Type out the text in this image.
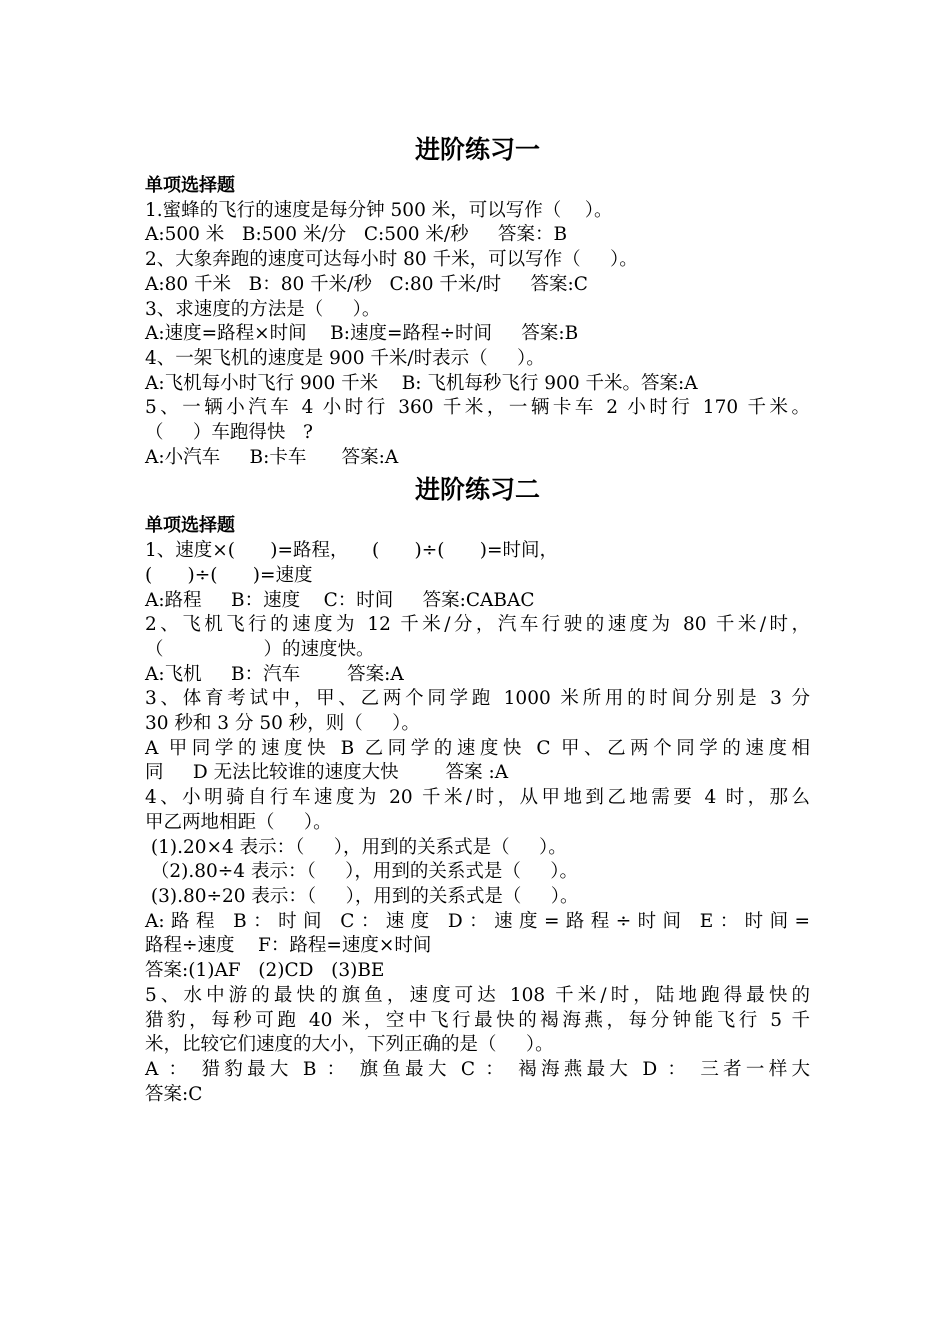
进阶练习一
单项选择题

1.蜜蜂的飞行的速度是每分钟 500 米，可以写作（    ）。

A:500 米   B:500 米/分   C:500 米/秒     答案：B

2、大象奔跑的速度可达每小时 80 千米，可以写作（     ）。

A:80 千米   B：80 千米/秒   C:80 千米/时     答案:C

3、求速度的方法是（     ）。

A:速度=路程×时间    B:速度=路程÷时间     答案:B

4、一架飞机的速度是 900 千米/时表示（     ）。

A:飞机每小时飞行 900 千米    B: 飞机每秒飞行 900 千米。答案:A

5、一辆小汽车 4 小时行 360 千米，一辆卡车 2 小时行 170 千米。

（     ）车跑得快   ?

A:小汽车     B:卡车      答案:A

进阶练习二
单项选择题

1、速度×(      )=路程，    (      )÷(      )=时间，

(      )÷(      )=速度

A:路程     B：速度    C：时间     答案:CABAC

2、飞机飞行的速度为 12 千米/分，汽车行驶的速度为 80 千米/时，

（                 ）的速度快。

A:飞机     B：汽车        答案:A

3、体育考试中，甲、乙两个同学跑 1000 米所用的时间分别是 3 分

30 秒和 3 分 50 秒，则（     ）。

A 甲同学的速度快 B 乙同学的速度快 C 甲、乙两个同学的速度相

同     D 无法比较谁的速度大快        答案 :A

4、小明骑自行车速度为 20 千米/时，从甲地到乙地需要 4 时，那么

甲乙两地相距（     ）。

(1).20×4 表示：（     ），用到的关系式是（     ）。

（2).80÷4 表示：（     ），用到的关系式是（     ）。

(3).80÷20 表示：（     ），用到的关系式是（     ）。

A:路程 B：时间 C：速度 D：速度=路程÷时间 E：时间=

路程÷速度    F：路程=速度×时间

答案:(1)AF   (2)CD   (3)BE

5、水中游的最快的旗鱼，速度可达 108 千米/时，陆地跑得最快的

猎豹，每秒可跑 40 米，空中飞行最快的褐海燕，每分钟能飞行 5 千

米，比较它们速度的大小，下列正确的是（     ）。

A ： 猎豹最大 B ： 旗鱼最大 C ： 褐海燕最大 D ： 三者一样大

答案:C
